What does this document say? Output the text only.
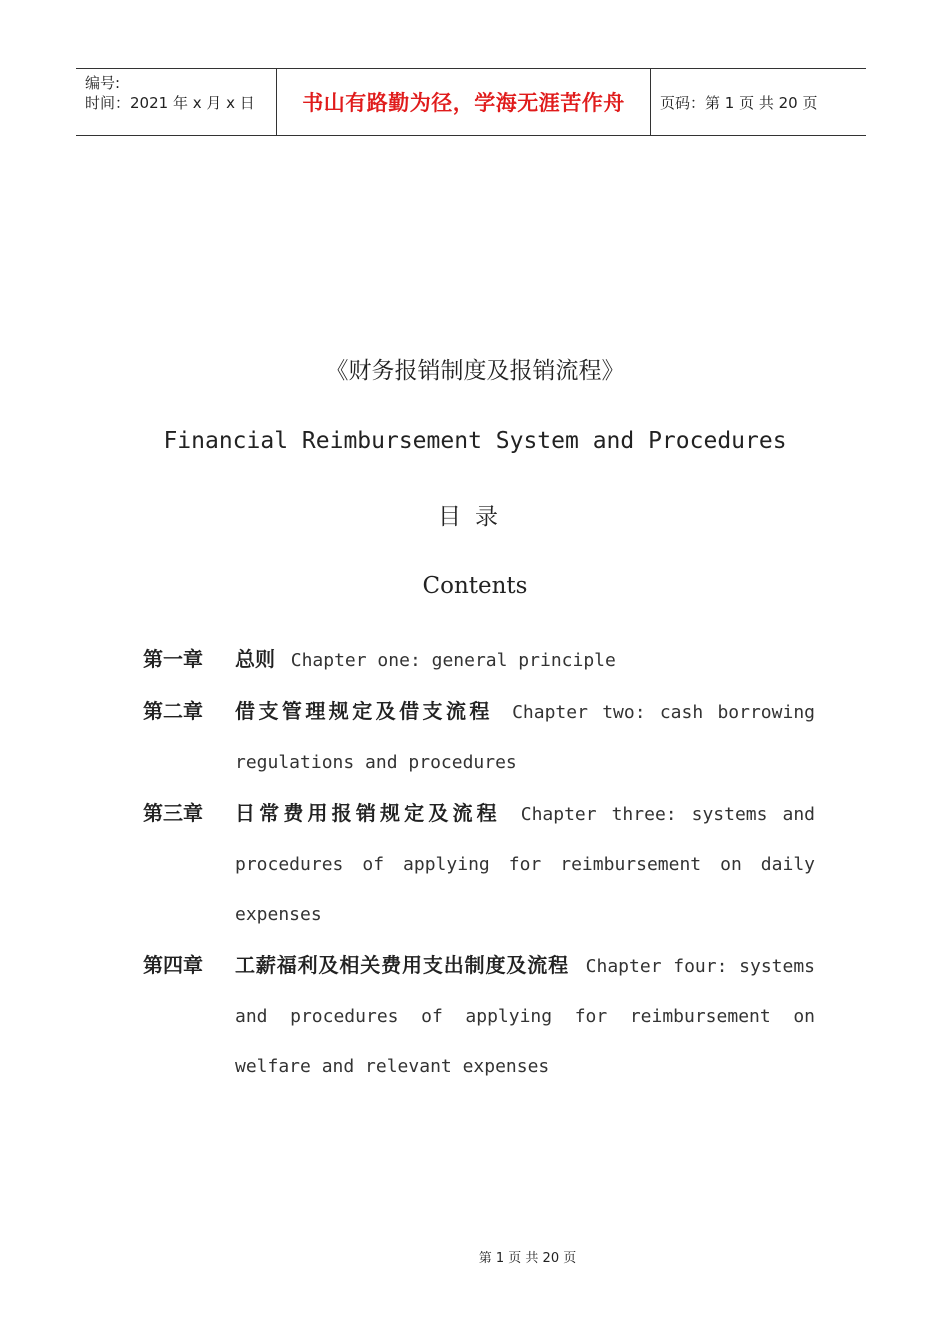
编号:
时间：2021 年 x 月 x 日	书山有路勤为径，学海无涯苦作舟 页码：第 1 页 共 20 页
《财务报销制度及报销流程》
Financial Reimbursement System and Procedures
目录
Contents
第一章	总则 Chapter one: general principle
第二章	借支管理规定及借支流程 Chapter two: cash borrowing regulations and procedures
第三章	日常费用报销规定及流程 Chapter three: systems and procedures of applying for reimbursement on daily expenses
第四章	工薪福利及相关费用支出制度及流程 Chapter four: systems and procedures of applying for reimbursement on welfare and relevant expenses
第 1 页 共 20 页
